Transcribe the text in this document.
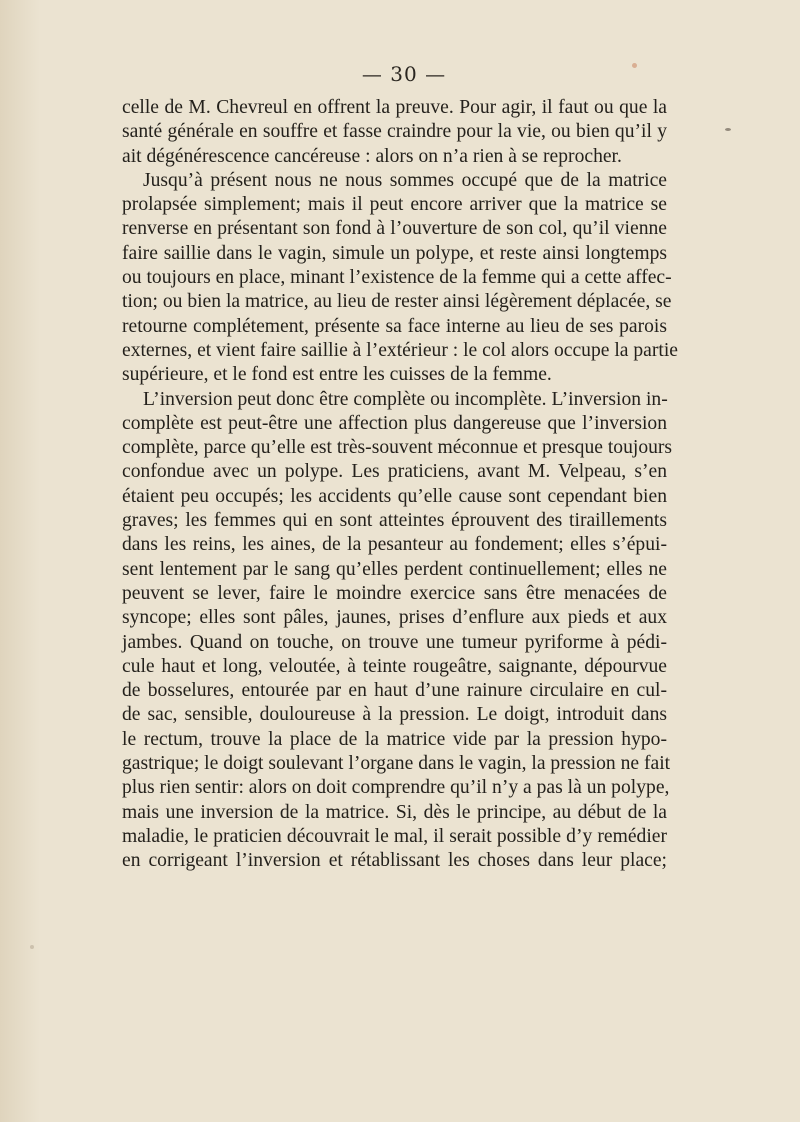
— 30 —

celle de M. Chevreul en offrent la preuve. Pour agir, il faut ou que la

santé générale en souffre et fasse craindre pour la vie, ou bien qu’il y

ait dégénérescence cancéreuse : alors on n’a rien à se reprocher.

Jusqu’à présent nous ne nous sommes occupé que de la matrice

prolapsée simplement; mais il peut encore arriver que la matrice se

renverse en présentant son fond à l’ouverture de son col, qu’il vienne

faire saillie dans le vagin, simule un polype, et reste ainsi longtemps

ou toujours en place, minant l’existence de la femme qui a cette affec-

tion; ou bien la matrice, au lieu de rester ainsi légèrement déplacée, se

retourne complétement, présente sa face interne au lieu de ses parois

externes, et vient faire saillie à l’extérieur : le col alors occupe la partie

supérieure, et le fond est entre les cuisses de la femme.

L’inversion peut donc être complète ou incomplète. L’inversion in-

complète est peut-être une affection plus dangereuse que l’inversion

complète, parce qu’elle est très-souvent méconnue et presque toujours

confondue avec un polype. Les praticiens, avant M. Velpeau, s’en

étaient peu occupés; les accidents qu’elle cause sont cependant bien

graves; les femmes qui en sont atteintes éprouvent des tiraillements

dans les reins, les aines, de la pesanteur au fondement; elles s’épui-

sent lentement par le sang qu’elles perdent continuellement; elles ne

peuvent se lever, faire le moindre exercice sans être menacées de

syncope; elles sont pâles, jaunes, prises d’enflure aux pieds et aux

jambes. Quand on touche, on trouve une tumeur pyriforme à pédi-

cule haut et long, veloutée, à teinte rougeâtre, saignante, dépourvue

de bosselures, entourée par en haut d’une rainure circulaire en cul-

de sac, sensible, douloureuse à la pression. Le doigt, introduit dans

le rectum, trouve la place de la matrice vide par la pression hypo-

gastrique; le doigt soulevant l’organe dans le vagin, la pression ne fait

plus rien sentir: alors on doit comprendre qu’il n’y a pas là un polype,

mais une inversion de la matrice. Si, dès le principe, au début de la

maladie, le praticien découvrait le mal, il serait possible d’y remédier

en corrigeant l’inversion et rétablissant les choses dans leur place;
